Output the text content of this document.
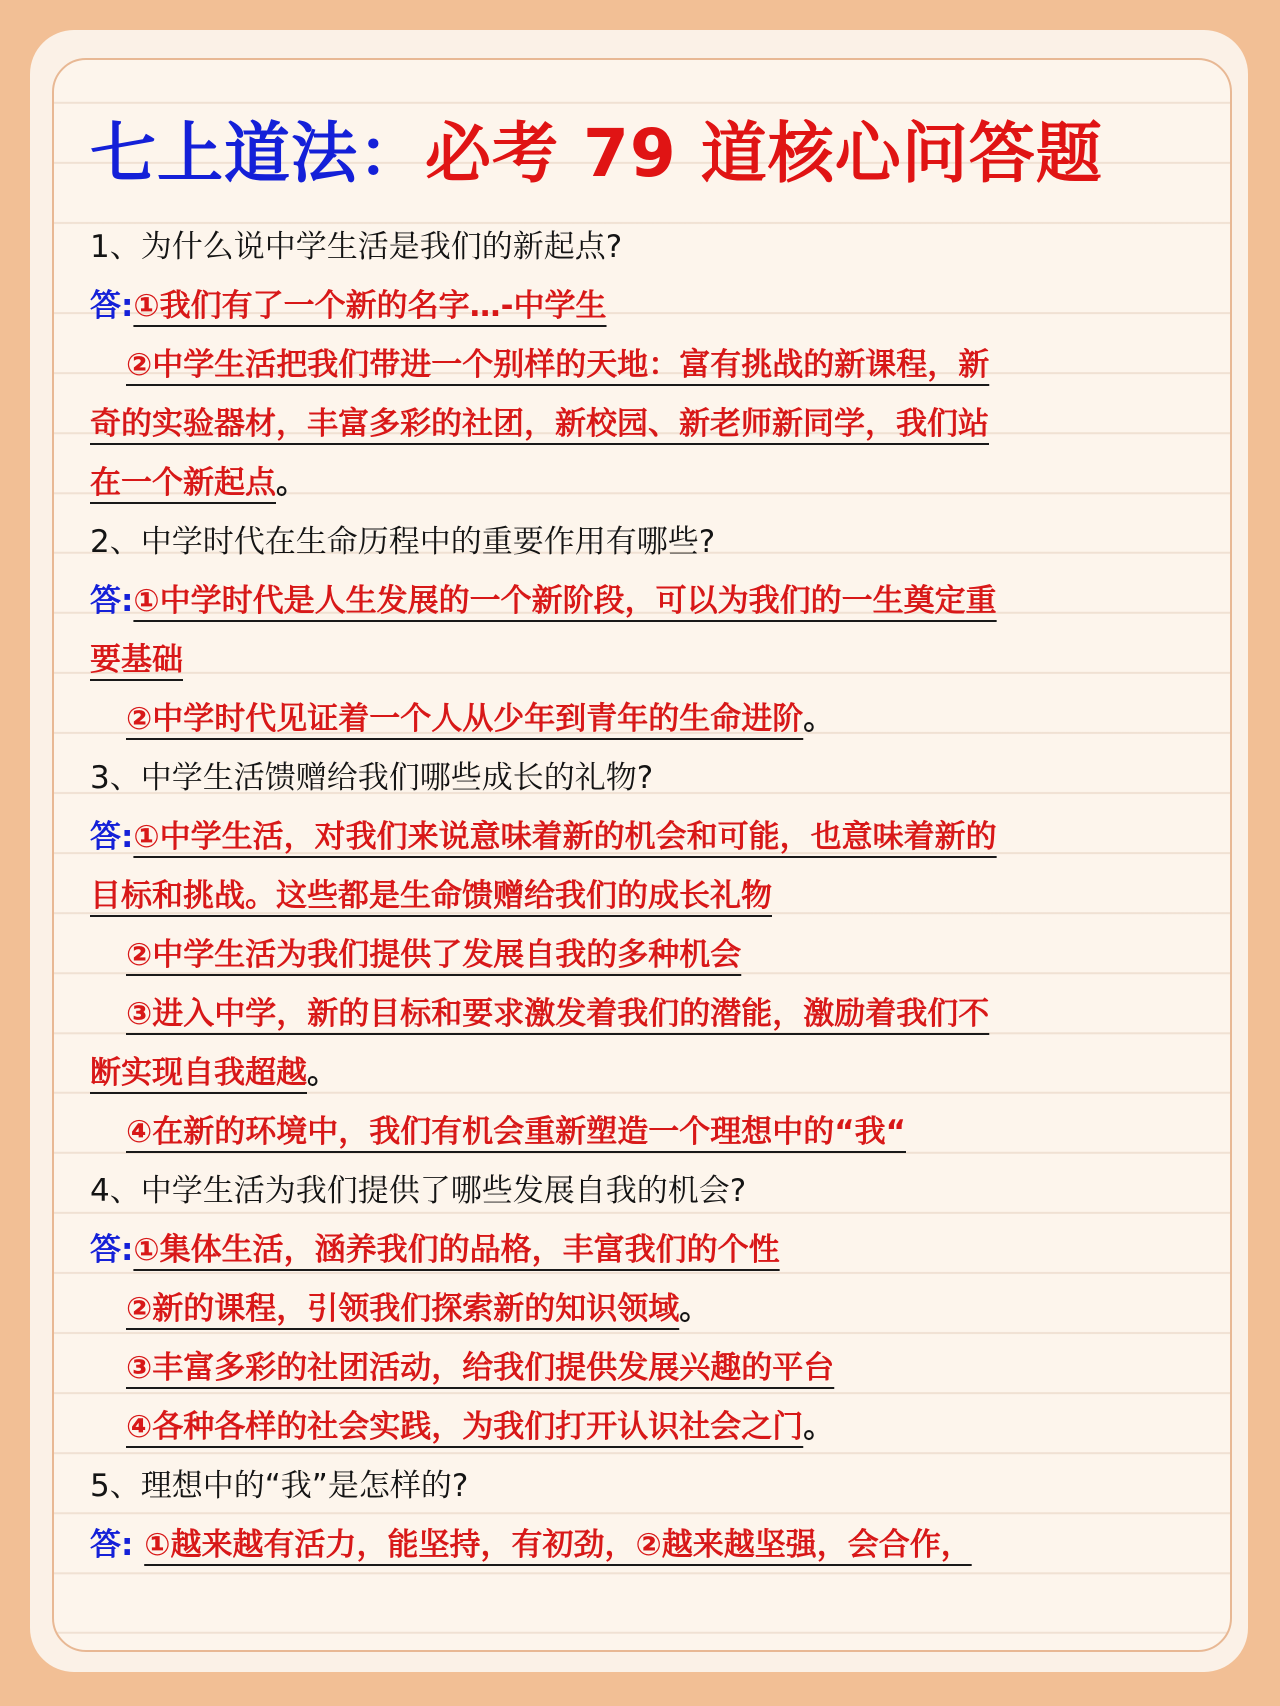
七上道法：必考 79 道核心问答题
1、为什么说中学生活是我们的新起点?
答:①我们有了一个新的名字…-中学生
②中学生活把我们带进一个别样的天地：富有挑战的新课程，新
奇的实验器材，丰富多彩的社团，新校园、新老师新同学，我们站
在一个新起点。
2、中学时代在生命历程中的重要作用有哪些?
答:①中学时代是人生发展的一个新阶段，可以为我们的一生奠定重
要基础
②中学时代见证着一个人从少年到青年的生命进阶。
3、中学生活馈赠给我们哪些成长的礼物?
答:①中学生活，对我们来说意味着新的机会和可能，也意味着新的
目标和挑战。这些都是生命馈赠给我们的成长礼物
②中学生活为我们提供了发展自我的多种机会
③进入中学，新的目标和要求激发着我们的潜能，激励着我们不
断实现自我超越。
④在新的环境中，我们有机会重新塑造一个理想中的“我“
4、中学生活为我们提供了哪些发展自我的机会?
答:①集体生活，涵养我们的品格，丰富我们的个性
②新的课程，引领我们探索新的知识领域。
③丰富多彩的社团活动，给我们提供发展兴趣的平台
④各种各样的社会实践，为我们打开认识社会之门。
5、理想中的“我”是怎样的?
答: ①越来越有活力，能坚持，有初劲，②越来越坚强，会合作，
